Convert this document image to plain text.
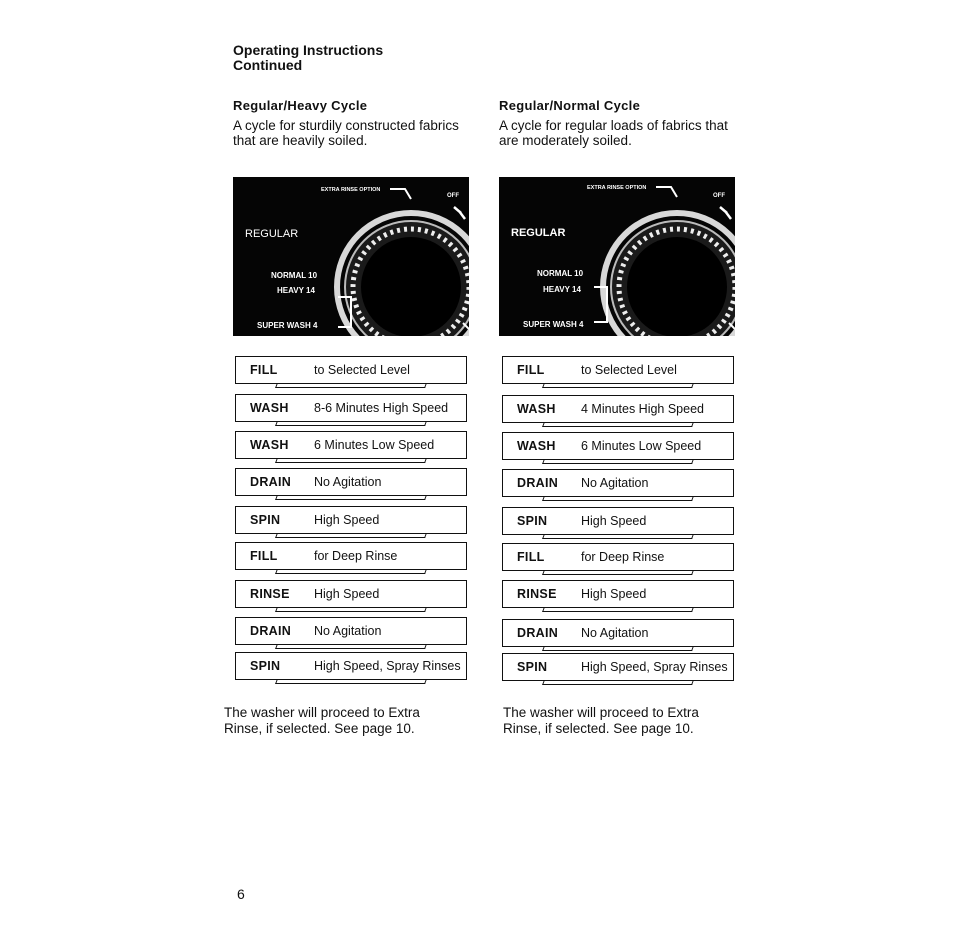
Operating Instructions
Continued
Regular/Heavy Cycle
A cycle for sturdily constructed fabrics that are heavily soiled.
EXTRA RINSE OPTION
OFF
REGULAR
NORMAL 10
HEAVY 14
SUPER WASH 4
FILL	to Selected Level
WASH 8-6 Minutes High Speed
WASH 6 Minutes Low Speed
DRAIN No Agitation
SPIN	High Speed
FILL	for Deep Rinse
RINSE High Speed
DRAIN No Agitation
SPIN	High Speed, Spray Rinses
The washer will proceed to Extra Rinse, if selected. See page 10.
Regular/Normal Cycle
A cycle for regular loads of fabrics that are moderately soiled.
EXTRA RINSE OPTION
OFF
REGULAR
NORMAL 10
HEAVY 14
SUPER WASH 4
FILL	to Selected Level
WASH 4 Minutes High Speed
WASH 6 Minutes Low Speed
DRAIN No Agitation
SPIN	High Speed
FILL	for Deep Rinse
RINSE High Speed
DRAIN No Agitation
SPIN	High Speed, Spray Rinses
The washer will proceed to Extra Rinse, if selected. See page 10.
6
